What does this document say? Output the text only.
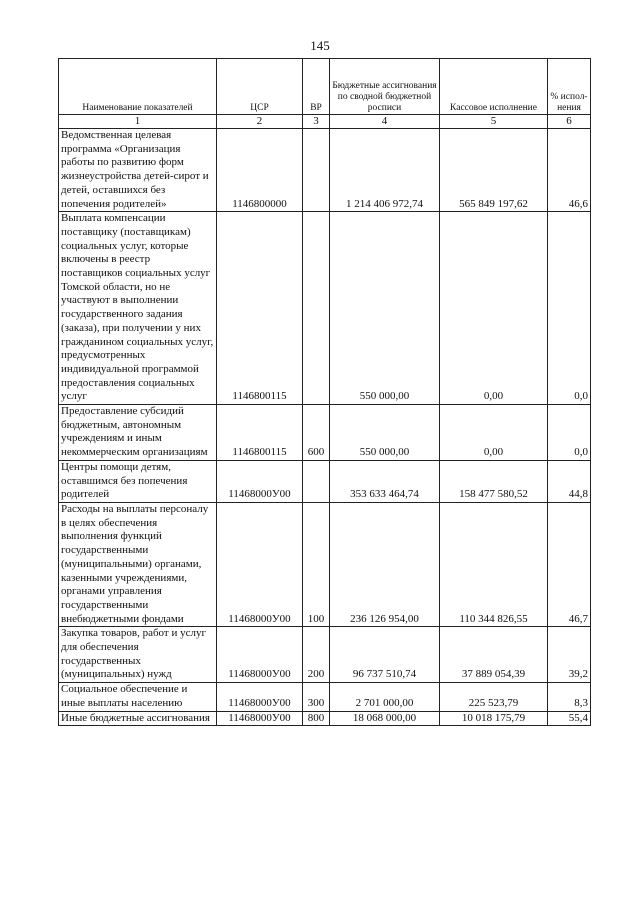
145
Наименование показателей	ЦСР	ВР	Бюджетные ассигнования по сводной бюджетной росписи	Кассовое исполнение	% испол-нения
1	2	3	4	5	6
Ведомственная целевая программа «Организация работы по развитию форм жизнеустройства детей-сирот и детей, оставшихся без попечения родителей»	1146800000		1 214 406 972,74	565 849 197,62	46,6
Выплата компенсации поставщику (поставщикам) социальных услуг, которые включены в реестр поставщиков социальных услуг Томской области, но не участвуют в выполнении государственного задания (заказа), при получении у них гражданином социальных услуг, предусмотренных индивидуальной программой предоставления социальных услуг	1146800115		550 000,00	0,00	0,0
Предоставление субсидий бюджетным, автономным учреждениям и иным некоммерческим организациям	1146800115	600	550 000,00	0,00	0,0
Центры помощи детям, оставшимся без попечения родителей	11468000У00		353 633 464,74	158 477 580,52	44,8
Расходы на выплаты персоналу в целях обеспечения выполнения функций государственными (муниципальными) органами, казенными учреждениями, органами управления государственными внебюджетными фондами	11468000У00	100	236 126 954,00	110 344 826,55	46,7
Закупка товаров, работ и услуг для обеспечения государственных (муниципальных) нужд	11468000У00	200	96 737 510,74	37 889 054,39	39,2
Социальное обеспечение и иные выплаты населению	11468000У00	300	2 701 000,00	225 523,79	8,3
Иные бюджетные ассигнования	11468000У00	800	18 068 000,00	10 018 175,79	55,4
